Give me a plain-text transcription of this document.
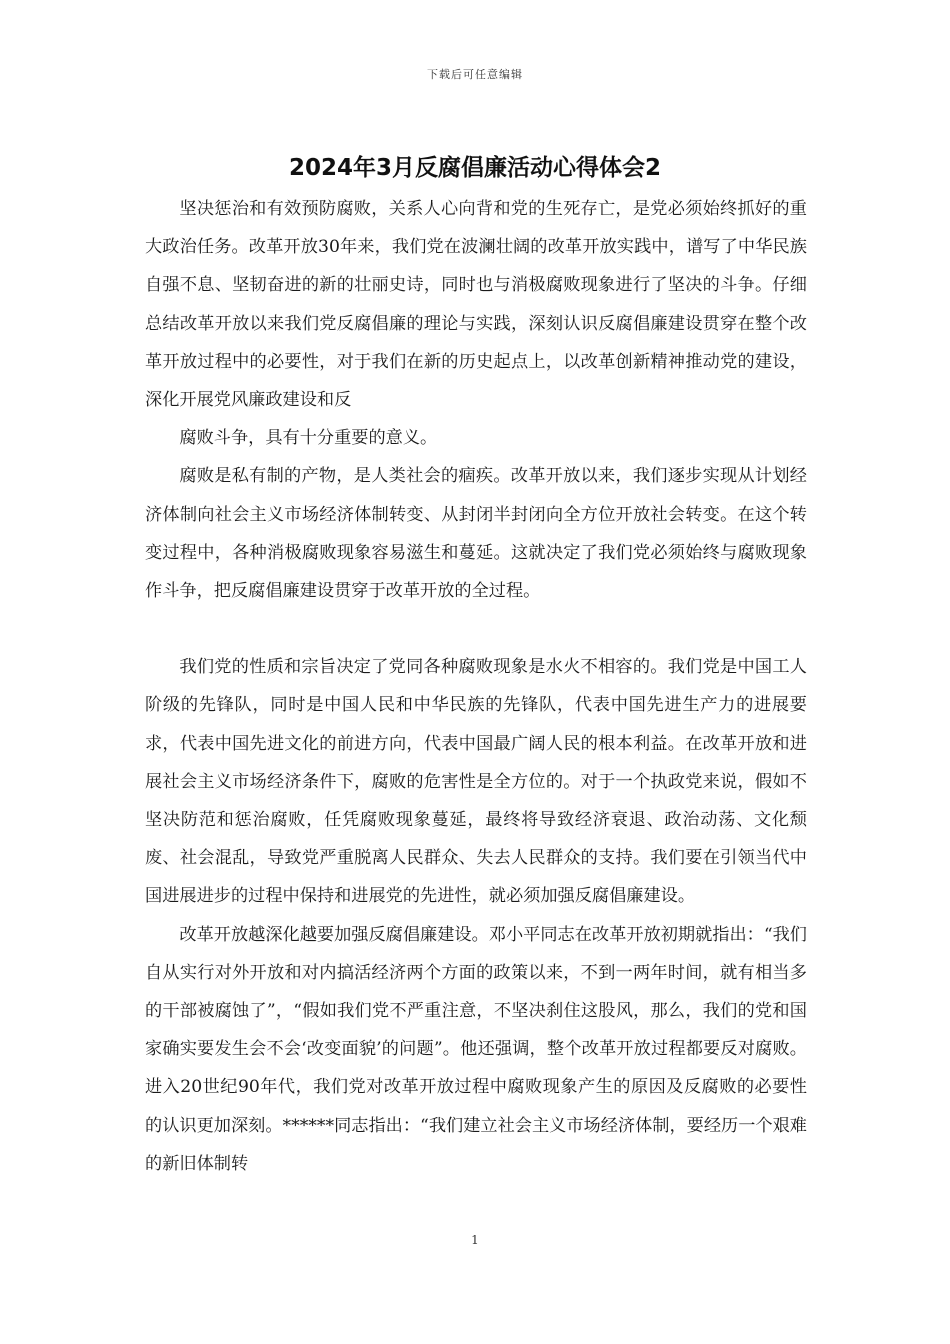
下载后可任意编辑
2024年3月反腐倡廉活动心得体会2

坚决惩治和有效预防腐败，关系人心向背和党的生死存亡，是党必须始终抓好的重大政治任务。改革开放30年来，我们党在波澜壮阔的改革开放实践中，谱写了中华民族自强不息、坚韧奋进的新的壮丽史诗，同时也与消极腐败现象进行了坚决的斗争。仔细总结改革开放以来我们党反腐倡廉的理论与实践，深刻认识反腐倡廉建设贯穿在整个改革开放过程中的必要性，对于我们在新的历史起点上，以改革创新精神推动党的建设，深化开展党风廉政建设和反

腐败斗争，具有十分重要的意义。

腐败是私有制的产物，是人类社会的痼疾。改革开放以来，我们逐步实现从计划经济体制向社会主义市场经济体制转变、从封闭半封闭向全方位开放社会转变。在这个转变过程中，各种消极腐败现象容易滋生和蔓延。这就决定了我们党必须始终与腐败现象作斗争，把反腐倡廉建设贯穿于改革开放的全过程。

我们党的性质和宗旨决定了党同各种腐败现象是水火不相容的。我们党是中国工人阶级的先锋队，同时是中国人民和中华民族的先锋队，代表中国先进生产力的进展要求，代表中国先进文化的前进方向，代表中国最广阔人民的根本利益。在改革开放和进展社会主义市场经济条件下，腐败的危害性是全方位的。对于一个执政党来说，假如不坚决防范和惩治腐败，任凭腐败现象蔓延，最终将导致经济衰退、政治动荡、文化颓废、社会混乱，导致党严重脱离人民群众、失去人民群众的支持。我们要在引领当代中国进展进步的过程中保持和进展党的先进性，就必须加强反腐倡廉建设。

改革开放越深化越要加强反腐倡廉建设。邓小平同志在改革开放初期就指出：“我们自从实行对外开放和对内搞活经济两个方面的政策以来，不到一两年时间，就有相当多的干部被腐蚀了”，“假如我们党不严重注意，不坚决刹住这股风，那么，我们的党和国家确实要发生会不会‘改变面貌’的问题”。他还强调，整个改革开放过程都要反对腐败。进入20世纪90年代，我们党对改革开放过程中腐败现象产生的原因及反腐败的必要性的认识更加深刻。******同志指出：“我们建立社会主义市场经济体制，要经历一个艰难的新旧体制转

1
